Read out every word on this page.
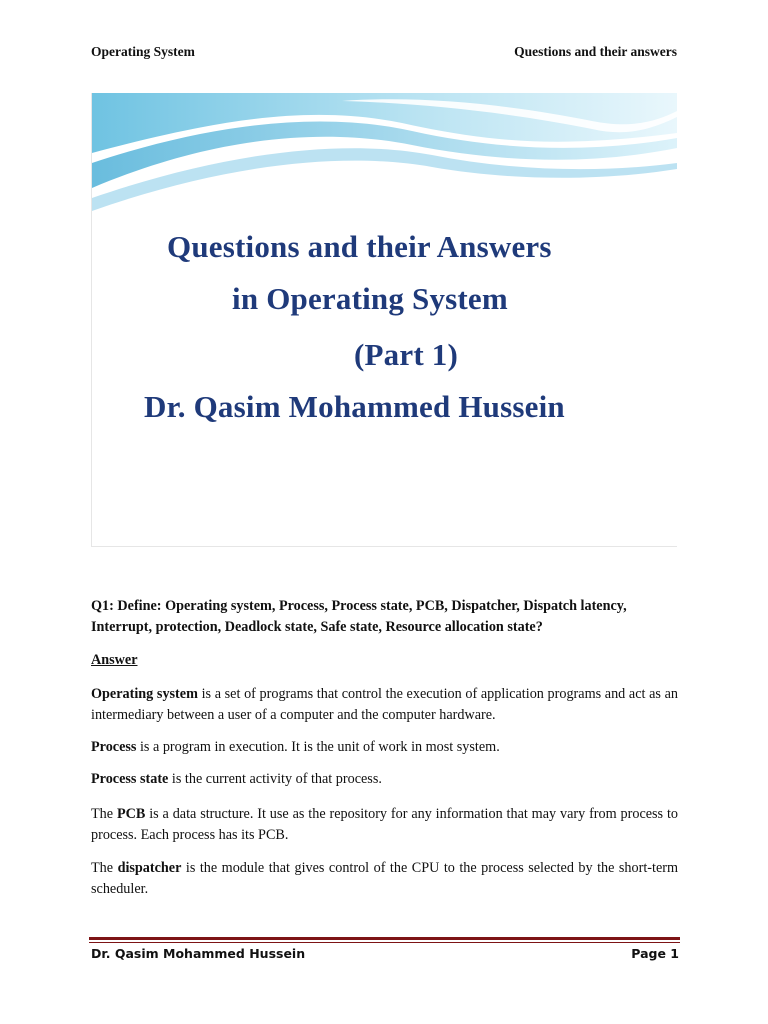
Operating System	Questions and their answers
Questions and their Answers
in Operating System
(Part 1)
Dr. Qasim Mohammed Hussein
Q1: Define: Operating system, Process, Process state, PCB, Dispatcher, Dispatch latency, Interrupt, protection, Deadlock state, Safe state, Resource allocation state?
Answer
Operating system is a set of programs that control the execution of application programs and act as an intermediary between a user of a computer and the computer hardware.
Process is a program in execution. It is the unit of work in most system.
Process state is the current activity of that process.
The PCB is a data structure. It use as the repository for any information that may vary from process to process. Each process has its PCB.
The dispatcher is the module that gives control of the CPU to the process selected by the short-term scheduler.
Dr. Qasim Mohammed Hussein	Page 1
